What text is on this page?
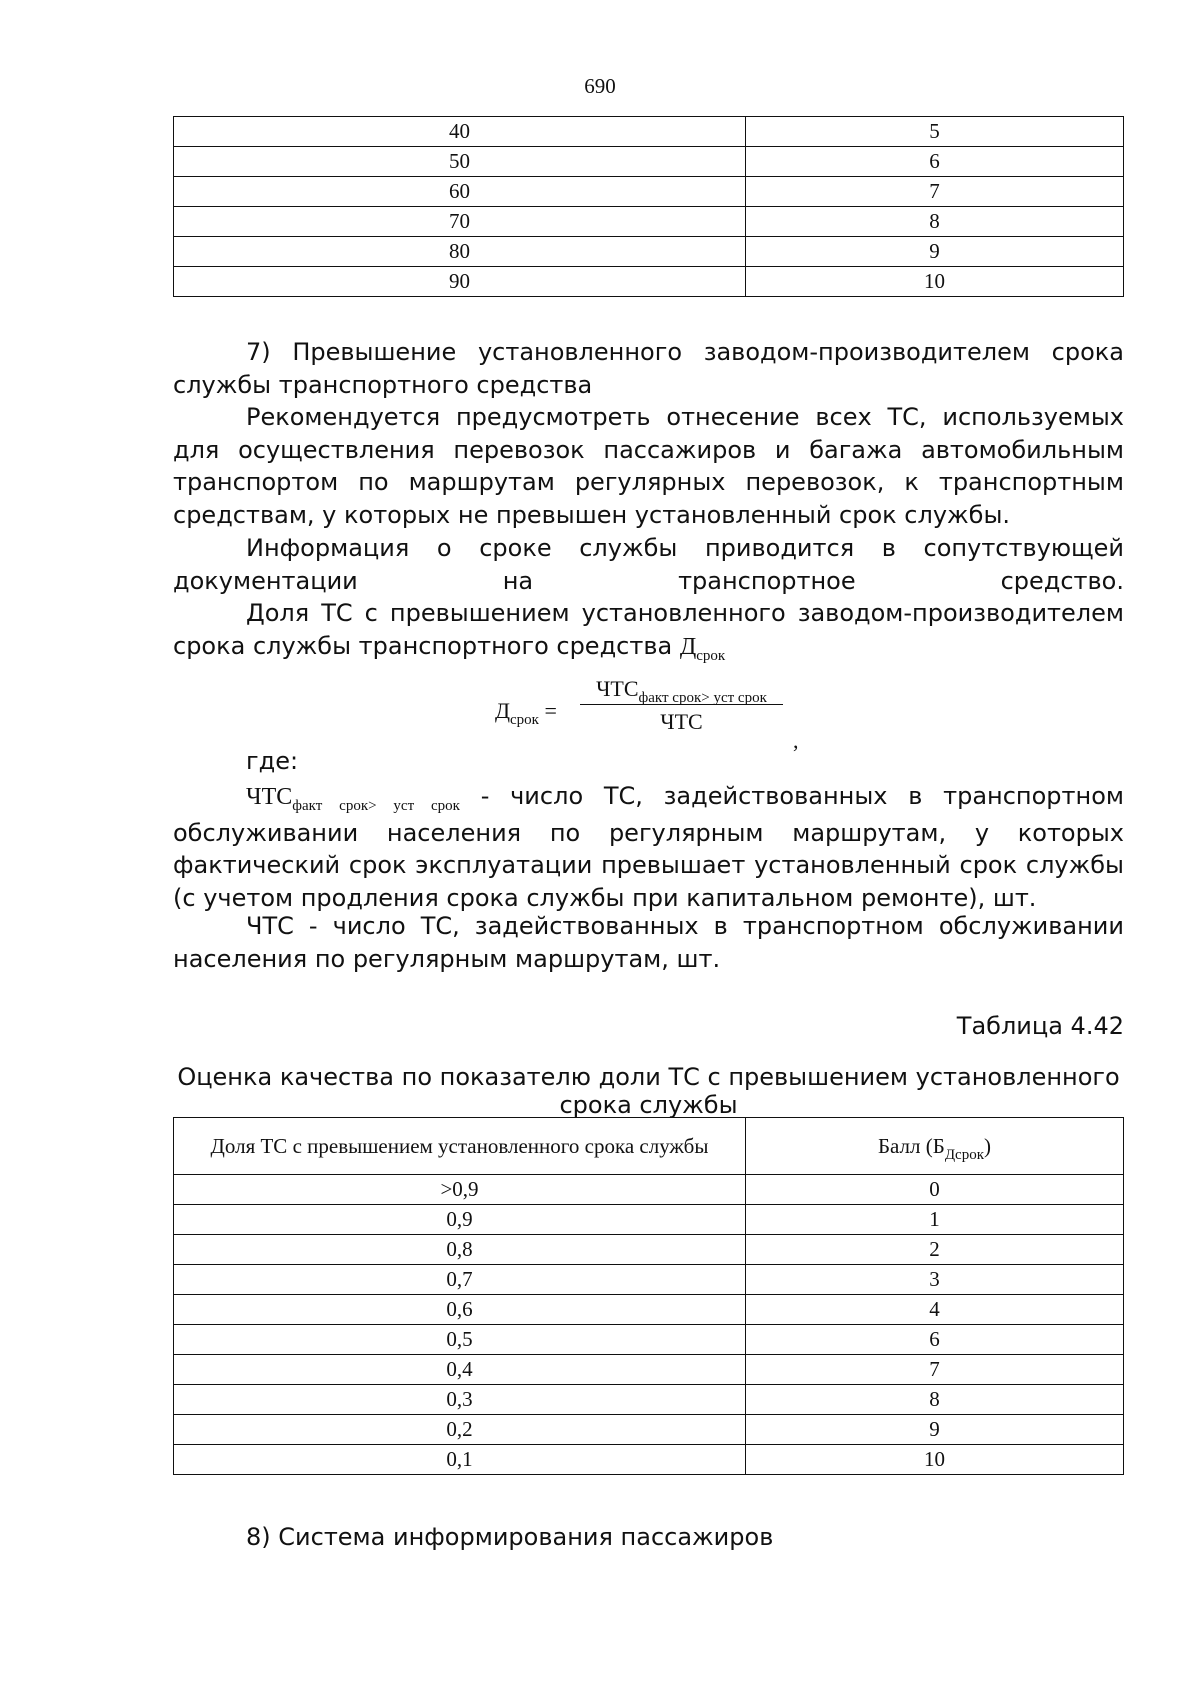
690
40	5
50	6
60	7
70	8
80	9
90	10

7) Превышение установленного заводом-производителем срока службы транспортного средства

Рекомендуется предусмотреть отнесение всех ТС, используемых для осуществления перевозок пассажиров и багажа автомобильным транспортом по маршрутам регулярных перевозок, к транспортным средствам, у которых не превышен установленный срок службы.

Информация о сроке службы приводится в сопутствующей документации на транспортное средство.

Доля ТС с превышением установленного заводом-производителем срока службы транспортного средства $Д_{срок}$

$Д_{срок}$ =
$ЧТС_{факт срок> уст срок}$
ЧТС
,

где:

$ЧТС_{факт срок> уст срок}$ - число ТС, задействованных в транспортном обслуживании населения по регулярным маршрутам, у которых фактический срок эксплуатации превышает установленный срок службы (с учетом продления срока службы при капитальном ремонте), шт.

ЧТС - число ТС, задействованных в транспортном обслуживании населения по регулярным маршрутам, шт.

Таблица 4.42
Оценка качества по показателю доли ТС с превышением установленного срока службы
Доля ТС с превышением установленного срока службы	Балл $(Б_{Дсрок})$
>0,9	0
0,9	1
0,8	2
0,7	3
0,6	4
0,5	6
0,4	7
0,3	8
0,2	9
0,1	10

8) Система информирования пассажиров
